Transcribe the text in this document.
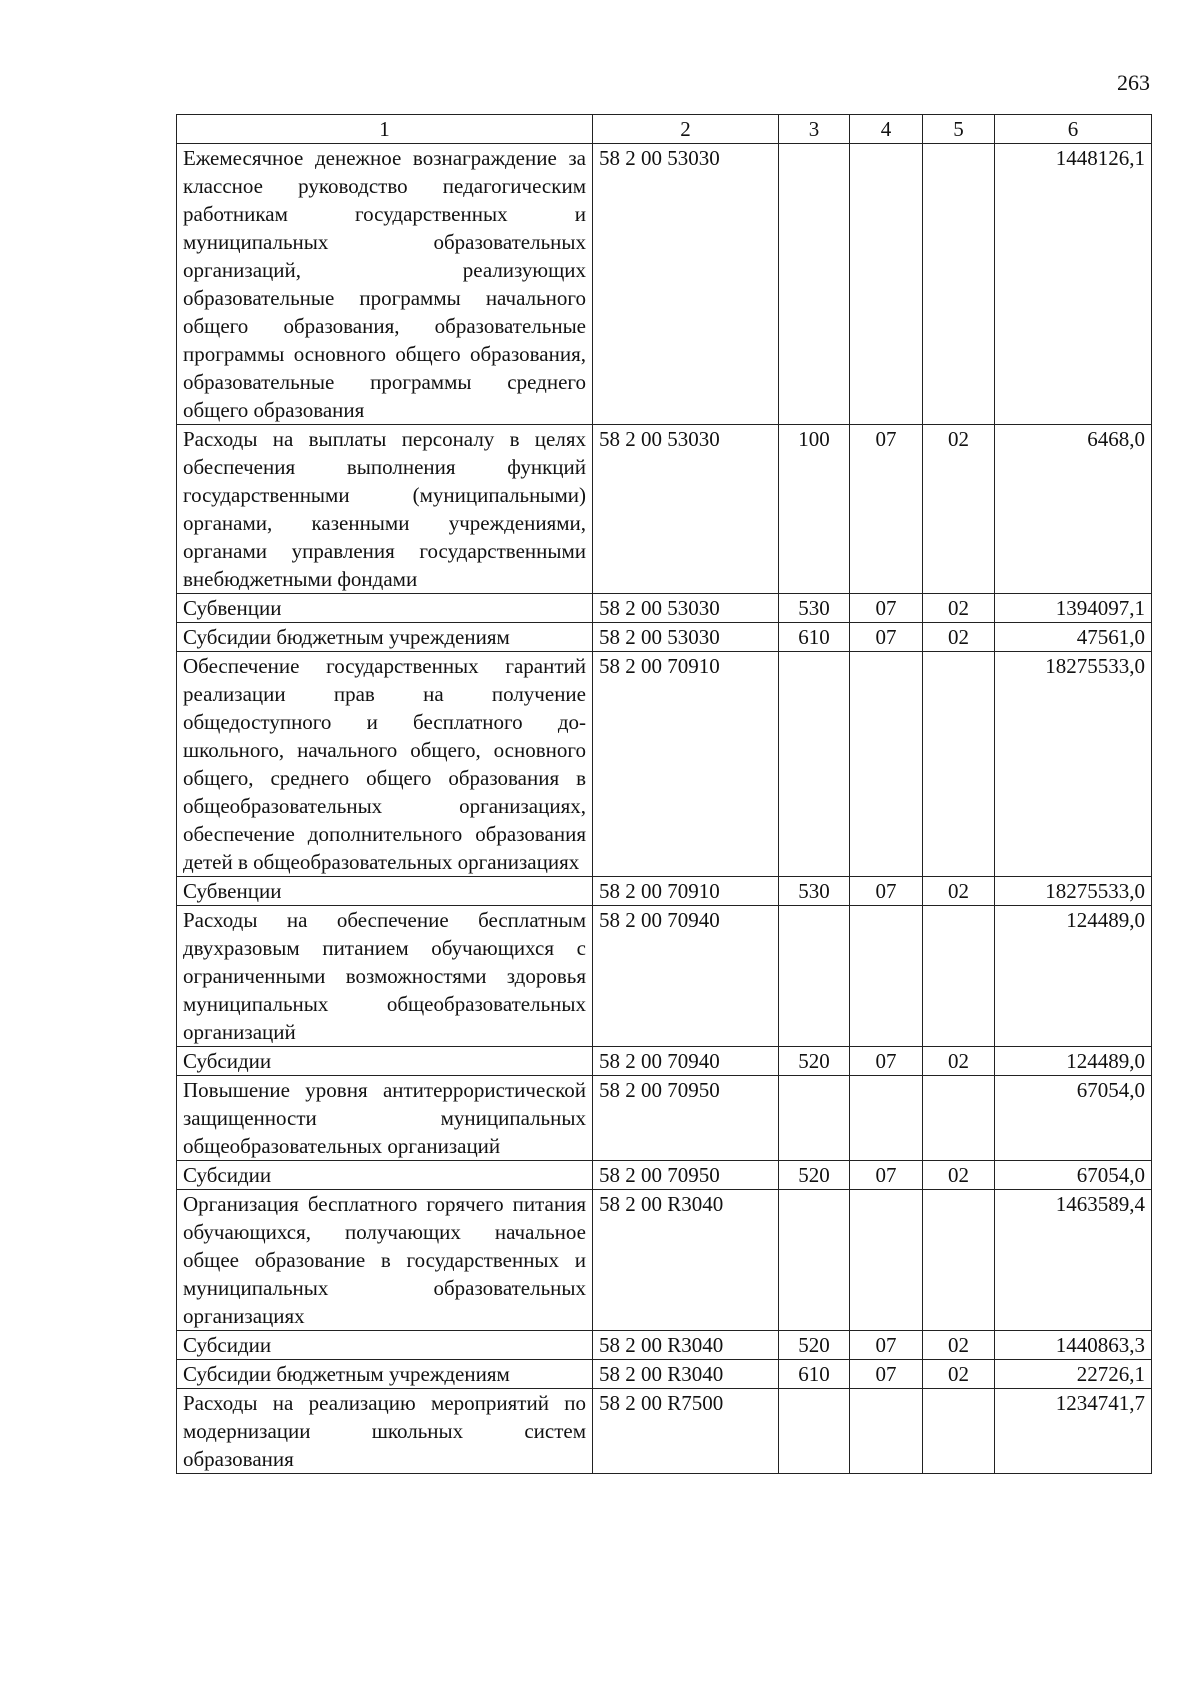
263
1	2	3	4	5	6
Ежемесячное денежное вознаграждение за классное руководство педагогическим работникам государственных и муниципальных образовательных организаций, реализующих образовательные программы начального общего образования, образовательные программы основного общего образования, образовательные программы среднего общего образования	58 2 00 53030				1448126,1
Расходы на выплаты персоналу в целях обеспечения выполнения функций государственными (муниципальными) органами, казенными учреждениями, органами управления государственными внебюджетными фондами	58 2 00 53030	100	07	02	6468,0
Субвенции	58 2 00 53030	530	07	02	1394097,1
Субсидии бюджетным учреждениям	58 2 00 53030	610	07	02	47561,0
Обеспечение государственных гарантий реализации прав на получение общедоступного и бесплатного дошкольного, начального общего, основного общего, среднего общего образования в общеобразовательных организациях, обеспечение дополнительного образования детей в общеобразовательных организациях	58 2 00 70910				18275533,0
Субвенции	58 2 00 70910	530	07	02	18275533,0
Расходы на обеспечение бесплатным двухразовым питанием обучающихся с ограниченными возможностями здоровья муниципальных общеобразовательных организаций	58 2 00 70940				124489,0
Субсидии	58 2 00 70940	520	07	02	124489,0
Повышение уровня антитеррористической защищенности муниципальных общеобразовательных организаций	58 2 00 70950				67054,0
Субсидии	58 2 00 70950	520	07	02	67054,0
Организация бесплатного горячего питания обучающихся, получающих начальное общее образование в государственных и муниципальных образовательных организациях	58 2 00 R3040				1463589,4
Субсидии	58 2 00 R3040	520	07	02	1440863,3
Субсидии бюджетным учреждениям	58 2 00 R3040	610	07	02	22726,1
Расходы на реализацию мероприятий по модернизации школьных систем образования	58 2 00 R7500				1234741,7
